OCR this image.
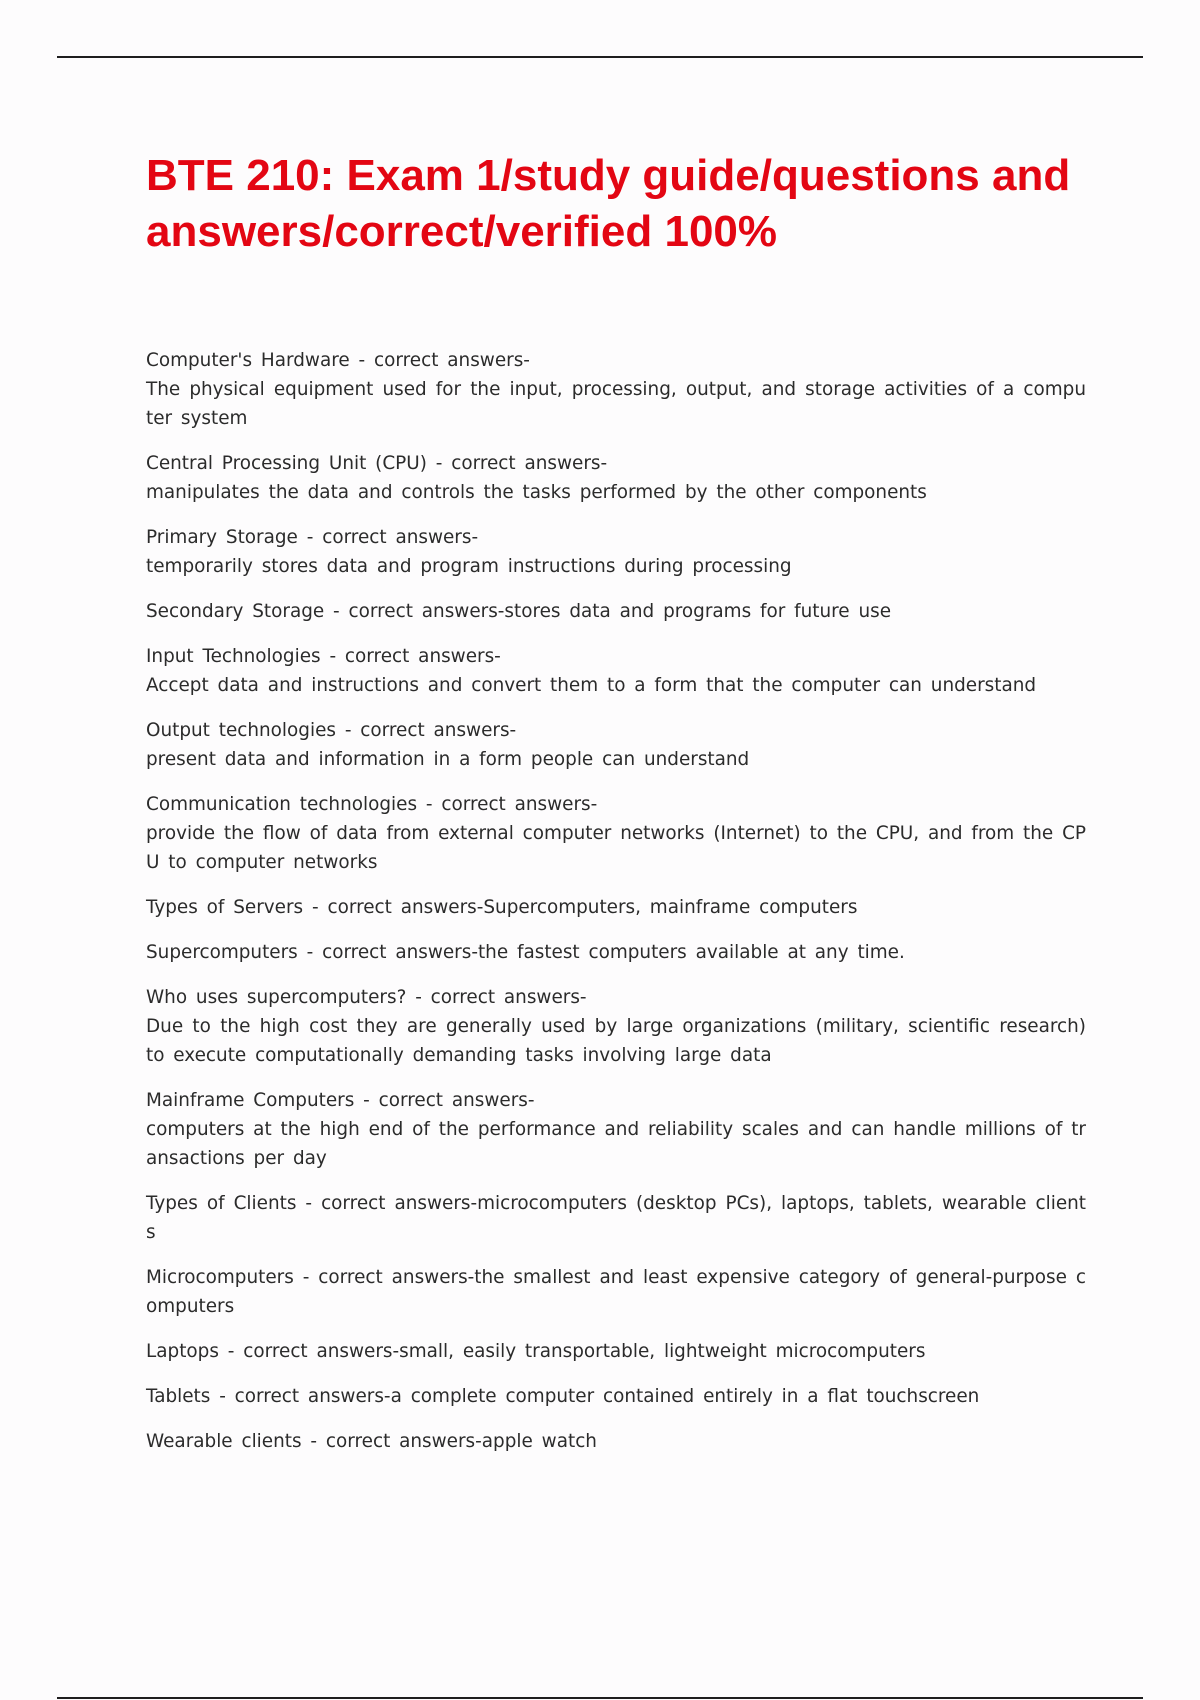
BTE 210: Exam 1/study guide/questions and answers/correct/verified 100%

Computer's Hardware - correct answers-
The physical equipment used for the input, processing, output, and storage activities of a computer system

Central Processing Unit (CPU) - correct answers-
manipulates the data and controls the tasks performed by the other components

Primary Storage - correct answers-
temporarily stores data and program instructions during processing

Secondary Storage - correct answers-stores data and programs for future use

Input Technologies - correct answers-
Accept data and instructions and convert them to a form that the computer can understand

Output technologies - correct answers-
present data and information in a form people can understand

Communication technologies - correct answers-
provide the flow of data from external computer networks (Internet) to the CPU, and from the CPU to computer networks

Types of Servers - correct answers-Supercomputers, mainframe computers

Supercomputers - correct answers-the fastest computers available at any time.

Who uses supercomputers? - correct answers-
Due to the high cost they are generally used by large organizations (military, scientific research) to execute computationally demanding tasks involving large data

Mainframe Computers - correct answers-
computers at the high end of the performance and reliability scales and can handle millions of transactions per day

Types of Clients - correct answers-microcomputers (desktop PCs), laptops, tablets, wearable clients

Microcomputers - correct answers-the smallest and least expensive category of general-purpose computers

Laptops - correct answers-small, easily transportable, lightweight microcomputers

Tablets - correct answers-a complete computer contained entirely in a flat touchscreen

Wearable clients - correct answers-apple watch
